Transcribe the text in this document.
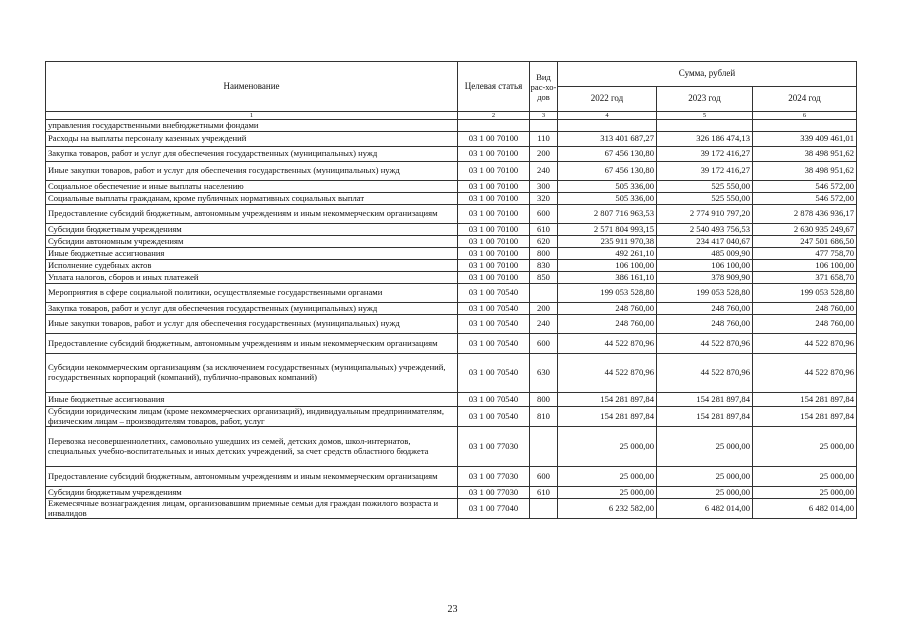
Наименование	Целевая статья	Вид рас-хо-дов	Сумма, рублей		
			2022 год	2023 год	2024 год
1	2	3	4	5	6

управления государственными внебюджетными фондами					

Расходы на выплаты персоналу казенных учреждений	03 1 00 70100	110	313 401 687,27	326 186 474,13	339 409 461,01

Закупка товаров, работ и услуг для обеспечения государственных (муниципальных) нужд	03 1 00 70100	200	67 456 130,80	39 172 416,27	38 498 951,62

Иные закупки товаров, работ и услуг для обеспечения государственных (муниципальных) нужд	03 1 00 70100	240	67 456 130,80	39 172 416,27	38 498 951,62

Социальное обеспечение и иные выплаты населению	03 1 00 70100	300	505 336,00	525 550,00	546 572,00

Социальные выплаты гражданам, кроме публичных нормативных социальных выплат	03 1 00 70100	320	505 336,00	525 550,00	546 572,00

Предоставление субсидий бюджетным, автономным учреждениям и иным некоммерческим организациям	03 1 00 70100	600	2 807 716 963,53	2 774 910 797,20	2 878 436 936,17

Субсидии бюджетным учреждениям	03 1 00 70100	610	2 571 804 993,15	2 540 493 756,53	2 630 935 249,67

Субсидии автономным учреждениям	03 1 00 70100	620	235 911 970,38	234 417 040,67	247 501 686,50

Иные бюджетные ассигнования	03 1 00 70100	800	492 261,10	485 009,90	477 758,70

Исполнение судебных актов	03 1 00 70100	830	106 100,00	106 100,00	106 100,00

Уплата налогов, сборов и иных платежей	03 1 00 70100	850	386 161,10	378 909,90	371 658,70

Мероприятия в сфере социальной политики, осуществляемые государственными органами	03 1 00 70540		199 053 528,80	199 053 528,80	199 053 528,80

Закупка товаров, работ и услуг для обеспечения государственных (муниципальных) нужд	03 1 00 70540	200	248 760,00	248 760,00	248 760,00

Иные закупки товаров, работ и услуг для обеспечения государственных (муниципальных) нужд	03 1 00 70540	240	248 760,00	248 760,00	248 760,00

Предоставление субсидий бюджетным, автономным учреждениям и иным некоммерческим организациям	03 1 00 70540	600	44 522 870,96	44 522 870,96	44 522 870,96

Субсидии некоммерческим организациям (за исключением государственных (муниципальных) учреждений, государственных корпораций (компаний), публично-правовых компаний)	03 1 00 70540	630	44 522 870,96	44 522 870,96	44 522 870,96

Иные бюджетные ассигнования	03 1 00 70540	800	154 281 897,84	154 281 897,84	154 281 897,84

Субсидии юридическим лицам (кроме некоммерческих организаций), индивидуальным предпринимателям, физическим лицам – производителям товаров, работ, услуг	03 1 00 70540	810	154 281 897,84	154 281 897,84	154 281 897,84

Перевозка несовершеннолетних, самовольно ушедших из семей, детских домов, школ-интернатов, специальных учебно-воспитательных и иных детских учреждений, за счет средств областного бюджета	03 1 00 77030		25 000,00	25 000,00	25 000,00

Предоставление субсидий бюджетным, автономным учреждениям и иным некоммерческим организациям	03 1 00 77030	600	25 000,00	25 000,00	25 000,00

Субсидии бюджетным учреждениям	03 1 00 77030	610	25 000,00	25 000,00	25 000,00

Ежемесячные вознаграждения лицам, организовавшим приемные семьи для граждан пожилого возраста и инвалидов	03 1 00 77040		6 232 582,00	6 482 014,00	6 482 014,00
23
